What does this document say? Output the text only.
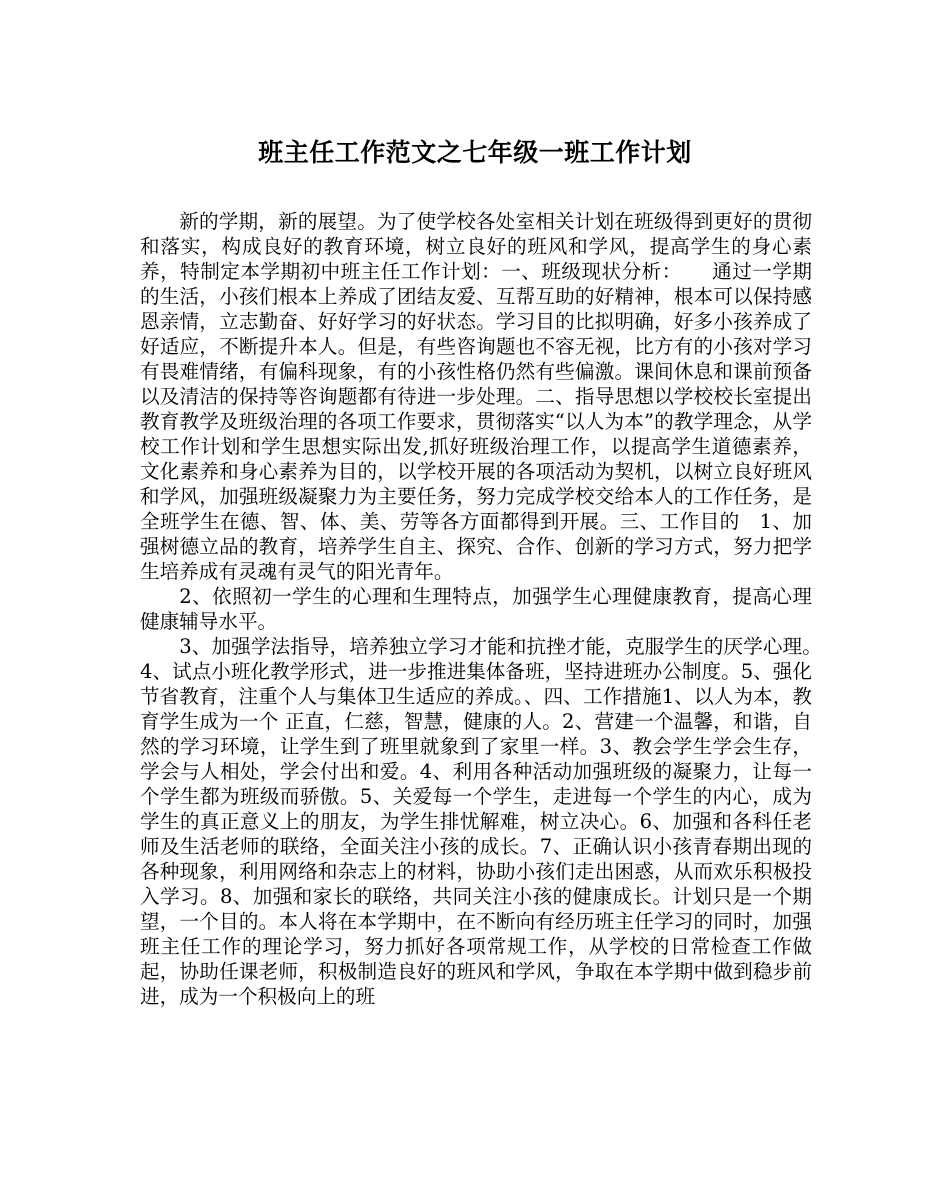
班主任工作范文之七年级一班工作计划

新的学期，新的展望。为了使学校各处室相关计划在班级得到更好的贯彻和落实，构成良好的教育环境，树立良好的班风和学风，提高学生的身心素养，特制定本学期初中班主任工作计划：一、班级现状分析：　　通过一学期的生活，小孩们根本上养成了团结友爱、互帮互助的好精神，根本可以保持感恩亲情，立志勤奋、好好学习的好状态。学习目的比拟明确，好多小孩养成了好适应，不断提升本人。但是，有些咨询题也不容无视，比方有的小孩对学习有畏难情绪，有偏科现象，有的小孩性格仍然有些偏激。课间休息和课前预备以及清洁的保持等咨询题都有待进一步处理。二、指导思想以学校校长室提出教育教学及班级治理的各项工作要求，贯彻落实“以人为本”的教学理念，从学校工作计划和学生思想实际出发,抓好班级治理工作，以提高学生道德素养，文化素养和身心素养为目的，以学校开展的各项活动为契机，以树立良好班风和学风，加强班级凝聚力为主要任务，努力完成学校交给本人的工作任务，是全班学生在德、智、体、美、劳等各方面都得到开展。三、工作目的　1、加强树德立品的教育，培养学生自主、探究、合作、创新的学习方式，努力把学生培养成有灵魂有灵气的阳光青年。

2、依照初一学生的心理和生理特点，加强学生心理健康教育，提高心理健康辅导水平。

3、加强学法指导，培养独立学习才能和抗挫才能，克服学生的厌学心理。　4、试点小班化教学形式，进一步推进集体备班，坚持进班办公制度。5、强化节省教育，注重个人与集体卫生适应的养成。、四、工作措施1、以人为本，教育学生成为一个 正直，仁慈，智慧，健康的人。2、营建一个温馨，和谐，自然的学习环境，让学生到了班里就象到了家里一样。3、教会学生学会生存，学会与人相处，学会付出和爱。4、利用各种活动加强班级的凝聚力，让每一个学生都为班级而骄傲。5、关爱每一个学生，走进每一个学生的内心，成为学生的真正意义上的朋友，为学生排忧解难，树立决心。6、加强和各科任老师及生活老师的联络，全面关注小孩的成长。7、正确认识小孩青春期出现的各种现象，利用网络和杂志上的材料，协助小孩们走出困惑，从而欢乐积极投入学习。8、加强和家长的联络，共同关注小孩的健康成长。计划只是一个期望，一个目的。本人将在本学期中，在不断向有经历班主任学习的同时，加强班主任工作的理论学习，努力抓好各项常规工作，从学校的日常检查工作做起，协助任课老师，积极制造良好的班风和学风，争取在本学期中做到稳步前进，成为一个积极向上的班
